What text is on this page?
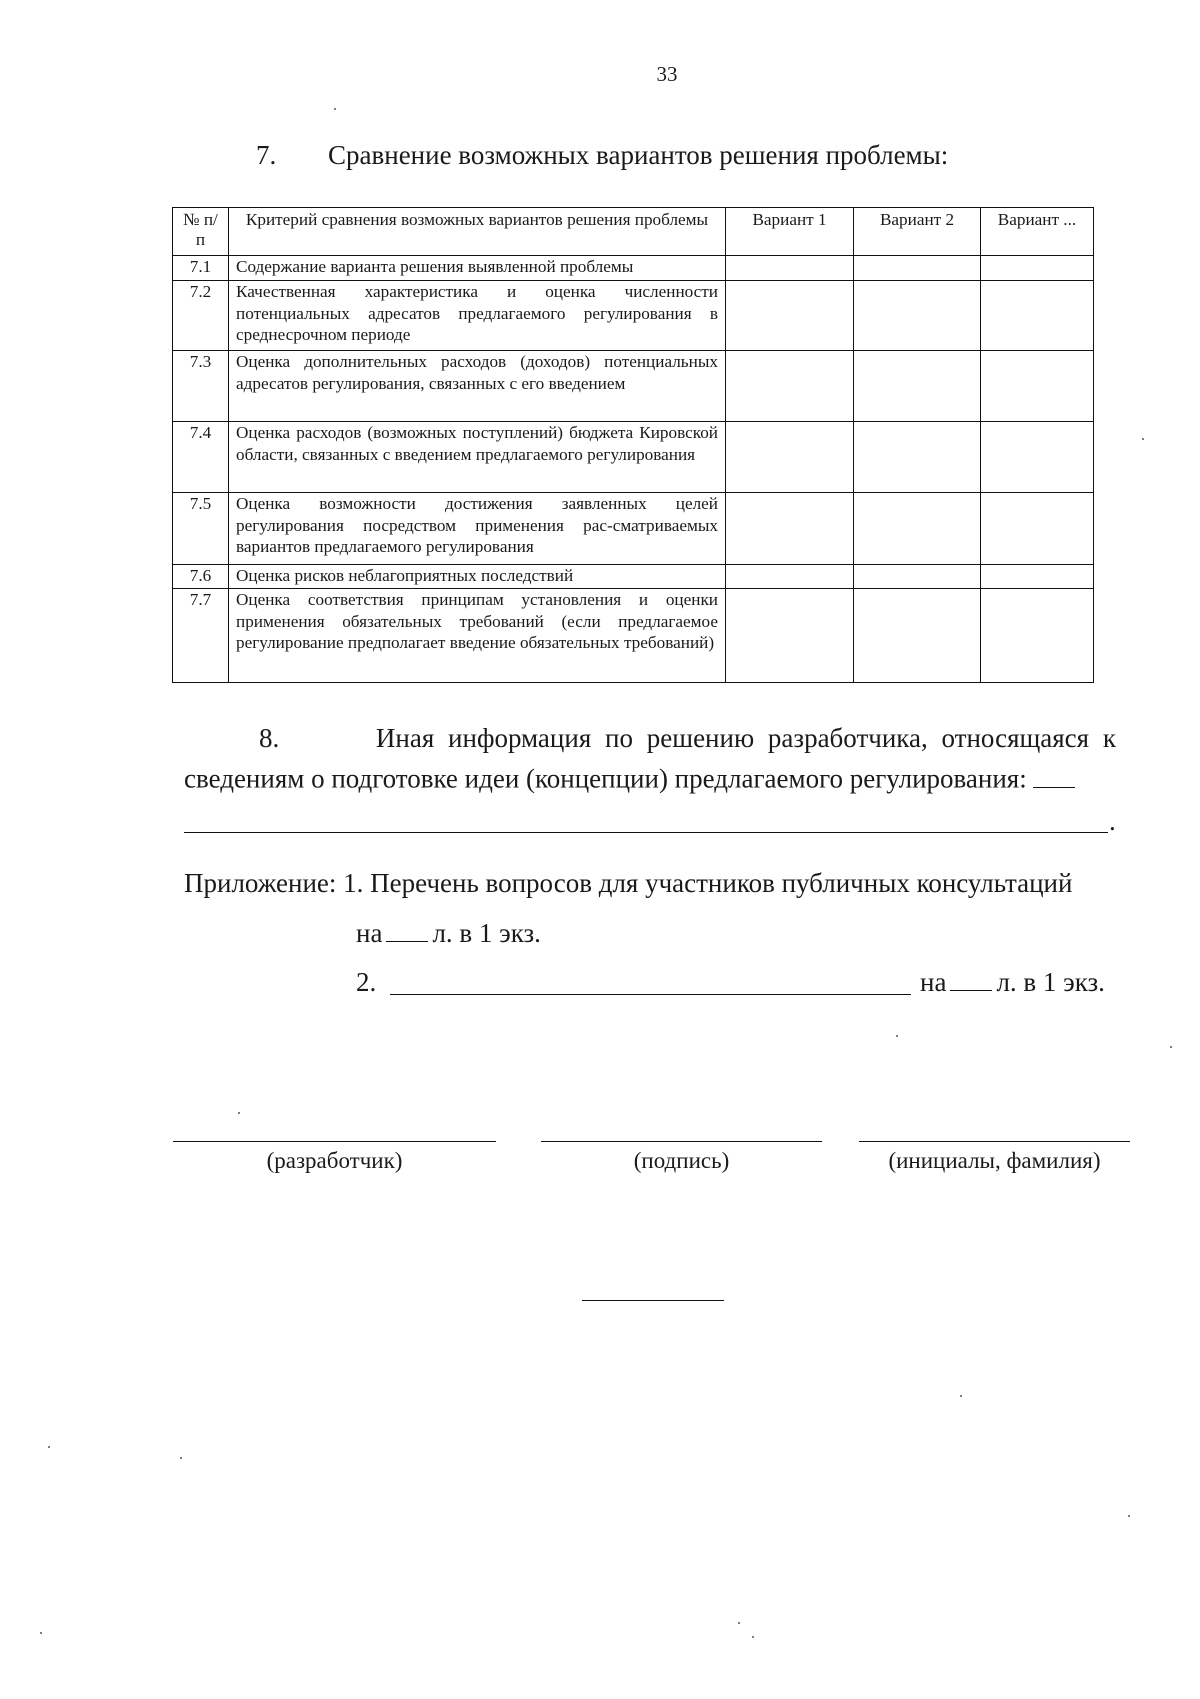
33
7. Сравнение возможных вариантов решения проблемы:
№ п/п	Критерий сравнения возможных вариантов решения проблемы	Вариант 1	Вариант 2	Вариант ...
7.1	Содержание варианта решения выявленной проблемы			
7.2	Качественная характеристика и оценка численности потенциальных адресатов предлагаемого регулирования в среднесрочном периоде			
7.3	Оценка дополнительных расходов (доходов) потенциальных адресатов регулирования, связанных с его введением			
7.4	Оценка расходов (возможных поступлений) бюджета Кировской области, связанных с введением предлагаемого регулирования			
7.5	Оценка возможности достижения заявленных целей регулирования посредством применения рас-сматриваемых вариантов предлагаемого регулирования			
7.6	Оценка рисков неблагоприятных последствий			
7.7	Оценка соответствия принципам установления и оценки применения обязательных требований (если предлагаемое регулирование предполагает введение обязательных требований)			
8.	Иная информация по решению разработчика, относящаяся к сведениям о подготовке идеи (концепции) предлагаемого регулирования:
.
Приложение: 1. Перечень вопросов для участников публичных консультаций
на л. в 1 экз.
2.	на л. в 1 экз.
(разработчик)	(подпись)	(инициалы, фамилия)
